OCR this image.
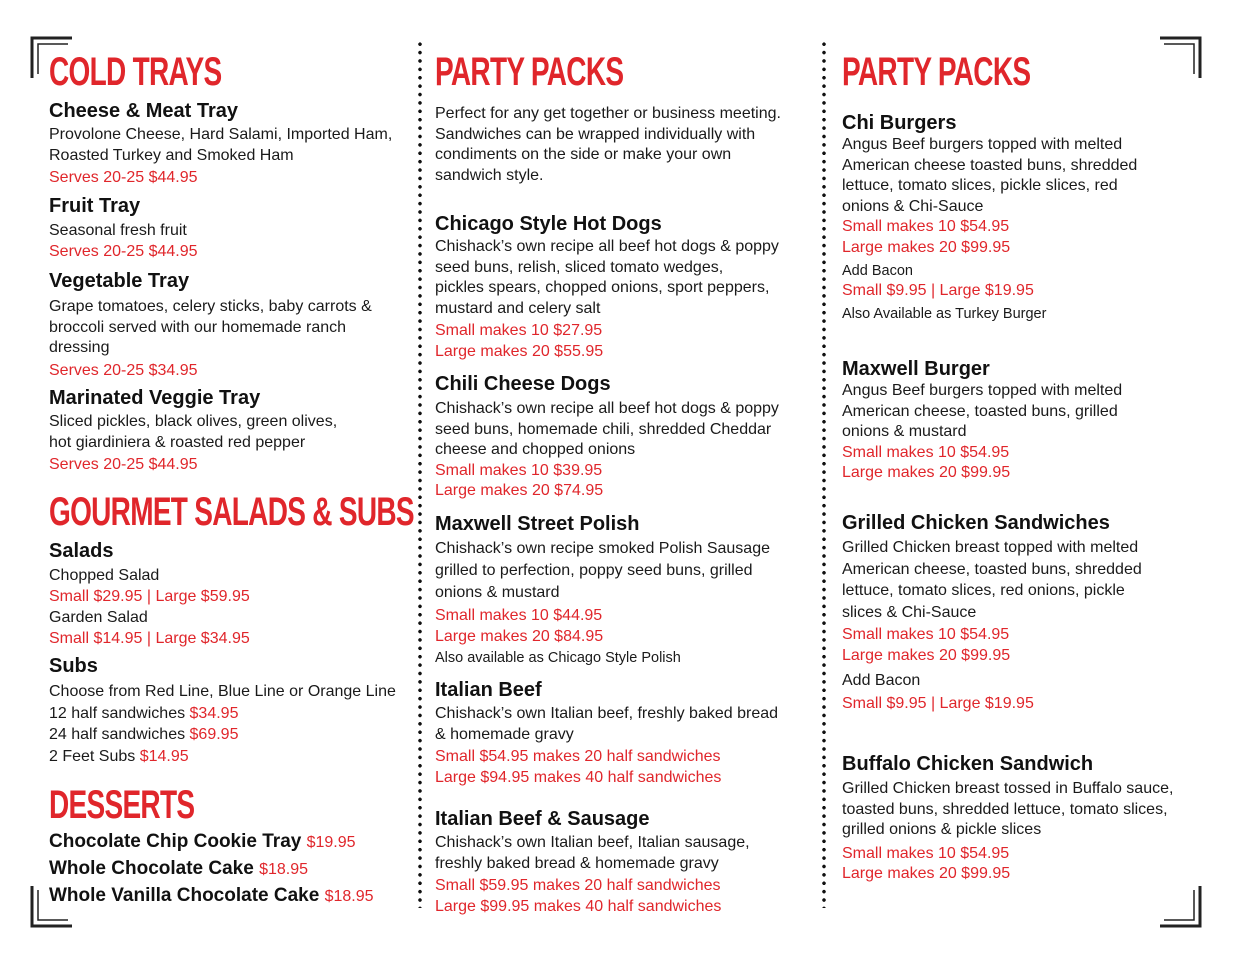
COLD TRAYS
Cheese & Meat Tray
Provolone Cheese, Hard Salami, Imported Ham,
Roasted Turkey and Smoked Ham
Serves 20-25 $44.95
Fruit Tray
Seasonal fresh fruit
Serves 20-25 $44.95
Vegetable Tray
Grape tomatoes, celery sticks, baby carrots &
broccoli served with our homemade ranch
dressing
Serves 20-25 $34.95
Marinated Veggie Tray
Sliced pickles, black olives, green olives,
hot giardiniera & roasted red pepper
Serves 20-25 $44.95
GOURMET SALADS & SUBS
Salads
Chopped Salad
Small $29.95 | Large $59.95
Garden Salad
Small $14.95 | Large $34.95
Subs
Choose from Red Line, Blue Line or Orange Line
12 half sandwiches $34.95
24 half sandwiches $69.95
2 Feet Subs $14.95
DESSERTS
Chocolate Chip Cookie Tray $19.95
Whole Chocolate Cake $18.95
Whole Vanilla Chocolate Cake $18.95
PARTY PACKS
Perfect for any get together or business meeting.
Sandwiches can be wrapped individually with
condiments on the side or make your own
sandwich style.
Chicago Style Hot Dogs
Chishack’s own recipe all beef hot dogs & poppy
seed buns, relish, sliced tomato wedges,
pickles spears, chopped onions, sport peppers,
mustard and celery salt
Small makes 10 $27.95
Large makes 20 $55.95
Chili Cheese Dogs
Chishack’s own recipe all beef hot dogs & poppy
seed buns, homemade chili, shredded Cheddar
cheese and chopped onions
Small makes 10 $39.95
Large makes 20 $74.95
Maxwell Street Polish
Chishack’s own recipe smoked Polish Sausage
grilled to perfection, poppy seed buns, grilled
onions & mustard
Small makes 10 $44.95
Large makes 20 $84.95
Also available as Chicago Style Polish
Italian Beef
Chishack’s own Italian beef, freshly baked bread
& homemade gravy
Small $54.95 makes 20 half sandwiches
Large $94.95 makes 40 half sandwiches
Italian Beef & Sausage
Chishack’s own Italian beef, Italian sausage,
freshly baked bread & homemade gravy
Small $59.95 makes 20 half sandwiches
Large $99.95 makes 40 half sandwiches
PARTY PACKS
Chi Burgers
Angus Beef burgers topped with melted
American cheese toasted buns, shredded
lettuce, tomato slices, pickle slices, red
onions & Chi-Sauce
Small makes 10 $54.95
Large makes 20 $99.95
Add Bacon
Small $9.95 | Large $19.95
Also Available as Turkey Burger
Maxwell Burger
Angus Beef burgers topped with melted
American cheese, toasted buns, grilled
onions & mustard
Small makes 10 $54.95
Large makes 20 $99.95
Grilled Chicken Sandwiches
Grilled Chicken breast topped with melted
American cheese, toasted buns, shredded
lettuce, tomato slices, red onions, pickle
slices & Chi-Sauce
Small makes 10 $54.95
Large makes 20 $99.95
Add Bacon
Small $9.95 | Large $19.95
Buffalo Chicken Sandwich
Grilled Chicken breast tossed in Buffalo sauce,
toasted buns, shredded lettuce, tomato slices,
grilled onions & pickle slices
Small makes 10 $54.95
Large makes 20 $99.95
